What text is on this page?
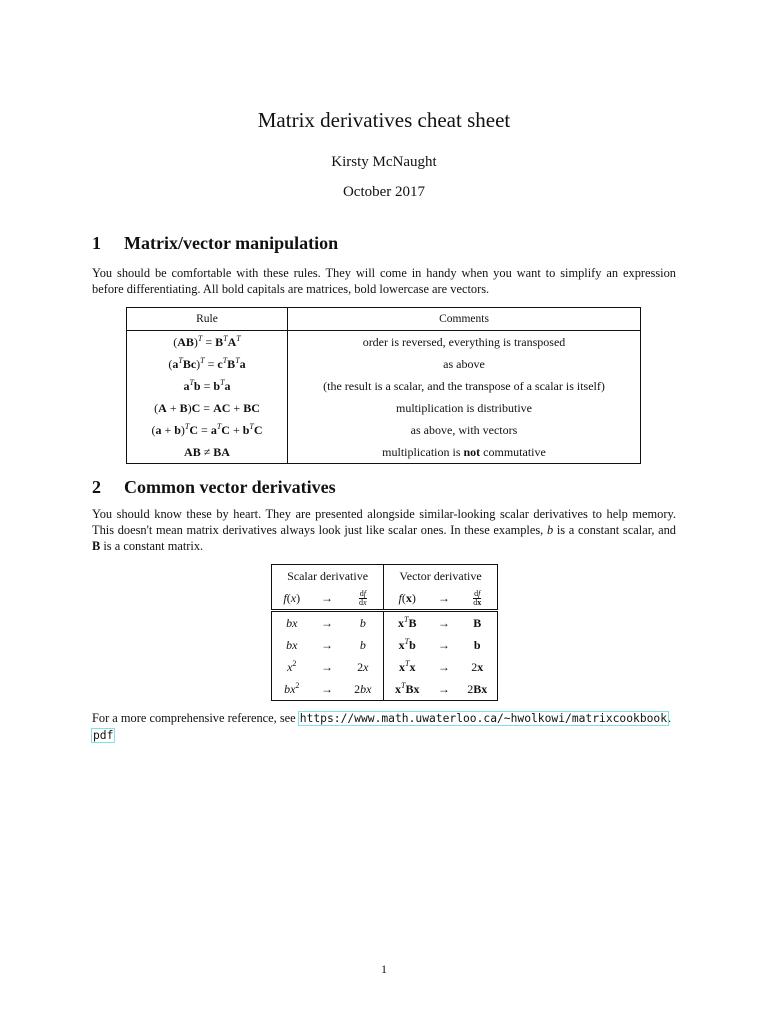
Matrix derivatives cheat sheet
Kirsty McNaught
October 2017
1 Matrix/vector manipulation

You should be comfortable with these rules. They will come in handy when you want to simplify an expression before differentiating. All bold capitals are matrices, bold lowercase are vectors.

Rule	Comments
$(AB)^T = B^TA^T$	order is reversed, everything is transposed
$(a^TBc)^T = c^TB^Ta$	as above
$a^Tb = b^Ta$	(the result is a scalar, and the transpose of a scalar is itself)
(A + B)C = AC + BC	multiplication is distributive
$(a + b)^TC = a^TC + b^TC$	as above, with vectors
AB ≠ BA	multiplication is not commutative
2 Common vector derivatives

You should know these by heart. They are presented alongside similar-looking scalar derivatives to help memory. This doesn't mean matrix derivatives always look just like scalar ones. In these examples, b is a constant scalar, and B is a constant matrix.

Scalar derivative			Vector derivative		
f(x)	→	$\frac{df}{dx}$	f(x)	→	$\frac{df}{dx}$

bx	→	b	$x^TB$	→	B
bx	→	b	$x^Tb$	→	b
$x^2$	→	2x	$x^Tx$	→	2x
$bx^2$	→	2bx	$x^TBx$	→	2Bx
For a more comprehensive reference, see https://www.math.uwaterloo.ca/~hwolkowi/matrixcookbook.
pdf
1
